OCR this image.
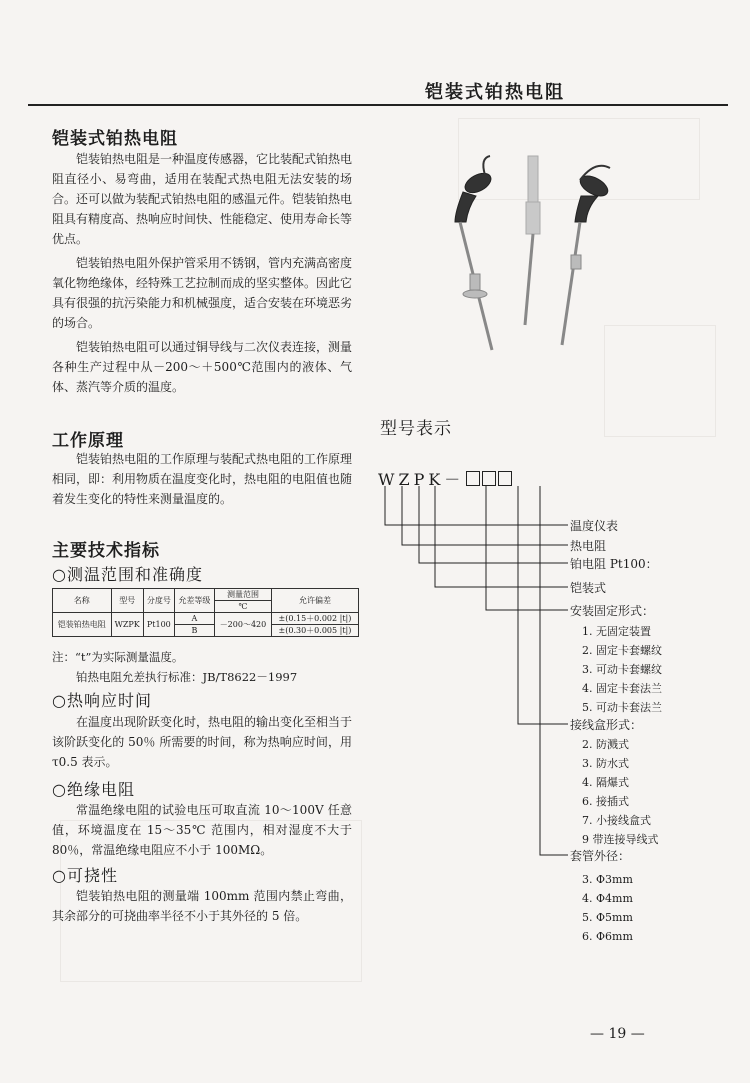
铠装式铂热电阻
铠装式铂热电阻
铠装铂热电阻是一种温度传感器，它比装配式铂热电阻直径小、易弯曲，适用在装配式热电阻无法安装的场合。还可以做为装配式铂热电阻的感温元件。铠装铂热电阻具有精度高、热响应时间快、性能稳定、使用寿命长等优点。
铠装铂热电阻外保护管采用不锈钢，管内充满高密度氧化物绝缘体，经特殊工艺拉制而成的坚实整体。因此它具有很强的抗污染能力和机械强度，适合安装在环境恶劣的场合。
铠装铂热电阻可以通过铜导线与二次仪表连接，测量各种生产过程中从－200～＋500℃范围内的液体、气体、蒸汽等介质的温度。
工作原理
铠装铂热电阻的工作原理与装配式热电阻的工作原理相同，即：利用物质在温度变化时，热电阻的电阻值也随着发生变化的特性来测量温度的。
主要技术指标
○测温范围和准确度
名称	型号	分度号	允差等级	测量范围	允许偏差
				℃	
铠装铂热电阻	WZPK	Pt100	A	－200～420	±(0.15＋0.002 |t|)
			B		±(0.30＋0.005 |t|)
注：“t”为实际测量温度。
铂热电阻允差执行标准：JB/T8622－1997
○热响应时间
在温度出现阶跃变化时，热电阻的输出变化至相当于该阶跃变化的 50％ 所需要的时间，称为热响应时间，用 τ0.5 表示。
○绝缘电阻
常温绝缘电阻的试验电压可取直流 10～100V 任意值，环境温度在 15～35℃ 范围内，相对湿度不大于 80％，常温绝缘电阻应不小于 100MΩ。
○可挠性
铠装铂热电阻的测量端 100mm 范围内禁止弯曲，其余部分的可挠曲率半径不小于其外径的 5 倍。
型号表示
WZPK－
温度仪表
热电阻
铂电阻 Pt100：
铠装式
安装固定形式：
1. 无固定装置
2. 固定卡套螺纹
3. 可动卡套螺纹
4. 固定卡套法兰
5. 可动卡套法兰
接线盒形式：
2. 防溅式
3. 防水式
4. 隔爆式
6. 接插式
7. 小接线盒式
9 带连接导线式
套管外径：
3. Φ3mm
4. Φ4mm
5. Φ5mm
6. Φ6mm
— 19 —
